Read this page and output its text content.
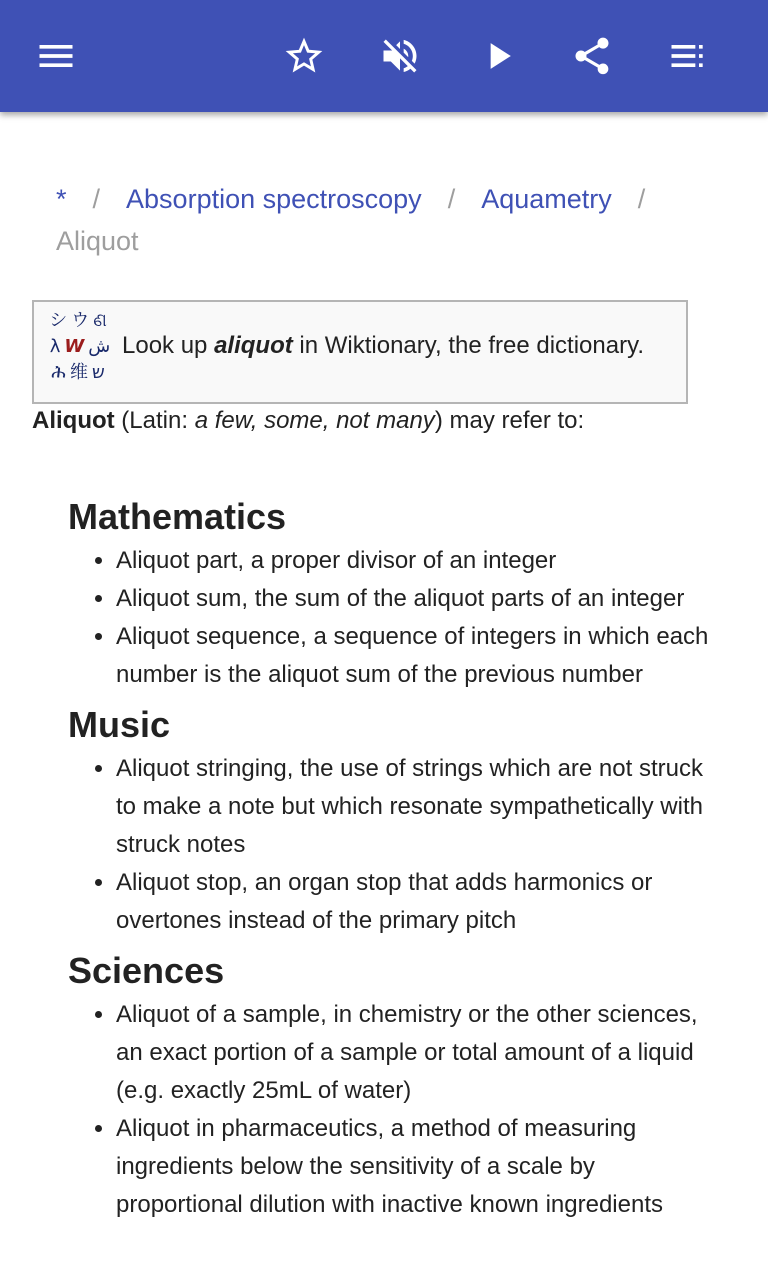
* / Absorption spectroscopy / Aquametry /
Aliquot
シウଣ
λWش
ሕ维ש
Look up aliquot in Wiktionary, the free dictionary.
Aliquot (Latin: a few, some, not many) may refer to:
Mathematics
• Aliquot part, a proper divisor of an integer
• Aliquot sum, the sum of the aliquot parts of an integer
• Aliquot sequence, a sequence of integers in which each number is the aliquot sum of the previous number
Music
• Aliquot stringing, the use of strings which are not struck to make a note but which resonate sympathetically with struck notes
• Aliquot stop, an organ stop that adds harmonics or overtones instead of the primary pitch
Sciences
• Aliquot of a sample, in chemistry or the other sciences, an exact portion of a sample or total amount of a liquid (e.g. exactly 25mL of water)
• Aliquot in pharmaceutics, a method of measuring ingredients below the sensitivity of a scale by proportional dilution with inactive known ingredients
